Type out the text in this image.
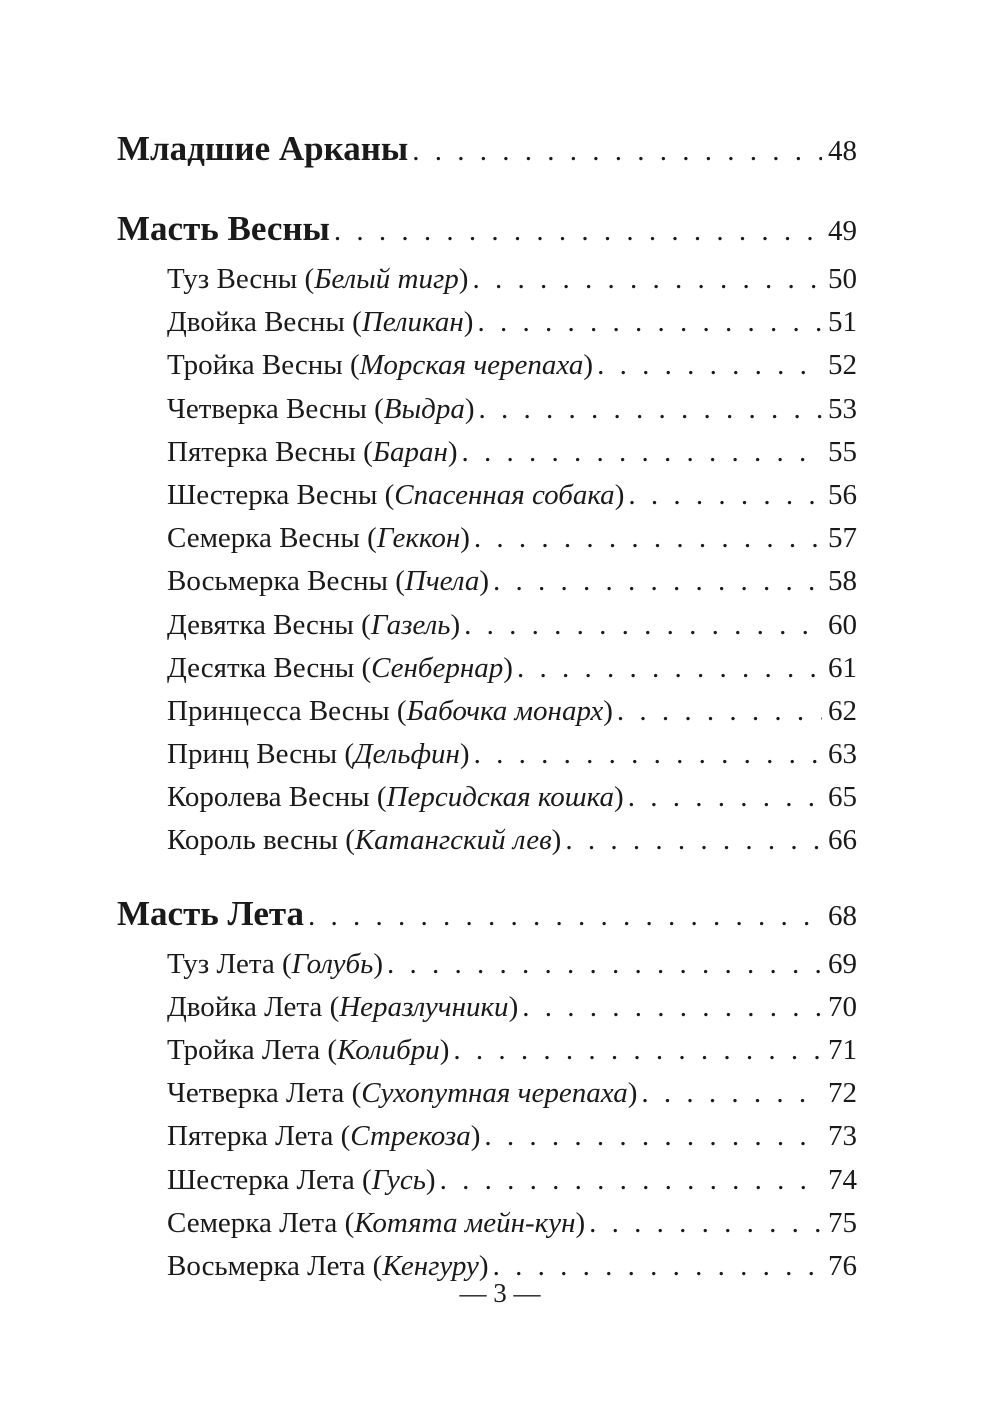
Младшие Арканы . . .	48
Масть Весны . . .	49
Туз Весны (Белый тигр) . . .	50
Двойка Весны (Пеликан) . . .	51
Тройка Весны (Морская черепаха) . . .	52
Четверка Весны (Выдра) . . .	53
Пятерка Весны (Баран) . . .	55
Шестерка Весны (Спасенная собака) . . .	56
Семерка Весны (Геккон) . . .	57
Восьмерка Весны (Пчела) . . .	58
Девятка Весны (Газель) . . .	60
Десятка Весны (Сенбернар) . . .	61
Принцесса Весны (Бабочка монарх) . . .	62
Принц Весны (Дельфин) . . .	63
Королева Весны (Персидская кошка) . . .	65
Король весны (Катангский лев) . . .	66
Масть Лета . . .	68
Туз Лета (Голубь) . . .	69
Двойка Лета (Неразлучники) . . .	70
Тройка Лета (Колибри) . . .	71
Четверка Лета (Сухопутная черепаха) . . .	72
Пятерка Лета (Стрекоза) . . .	73
Шестерка Лета (Гусь) . . .	74
Семерка Лета (Котята мейн-кун) . . .	75
Восьмерка Лета (Кенгуру) . . .	76
— 3 —
